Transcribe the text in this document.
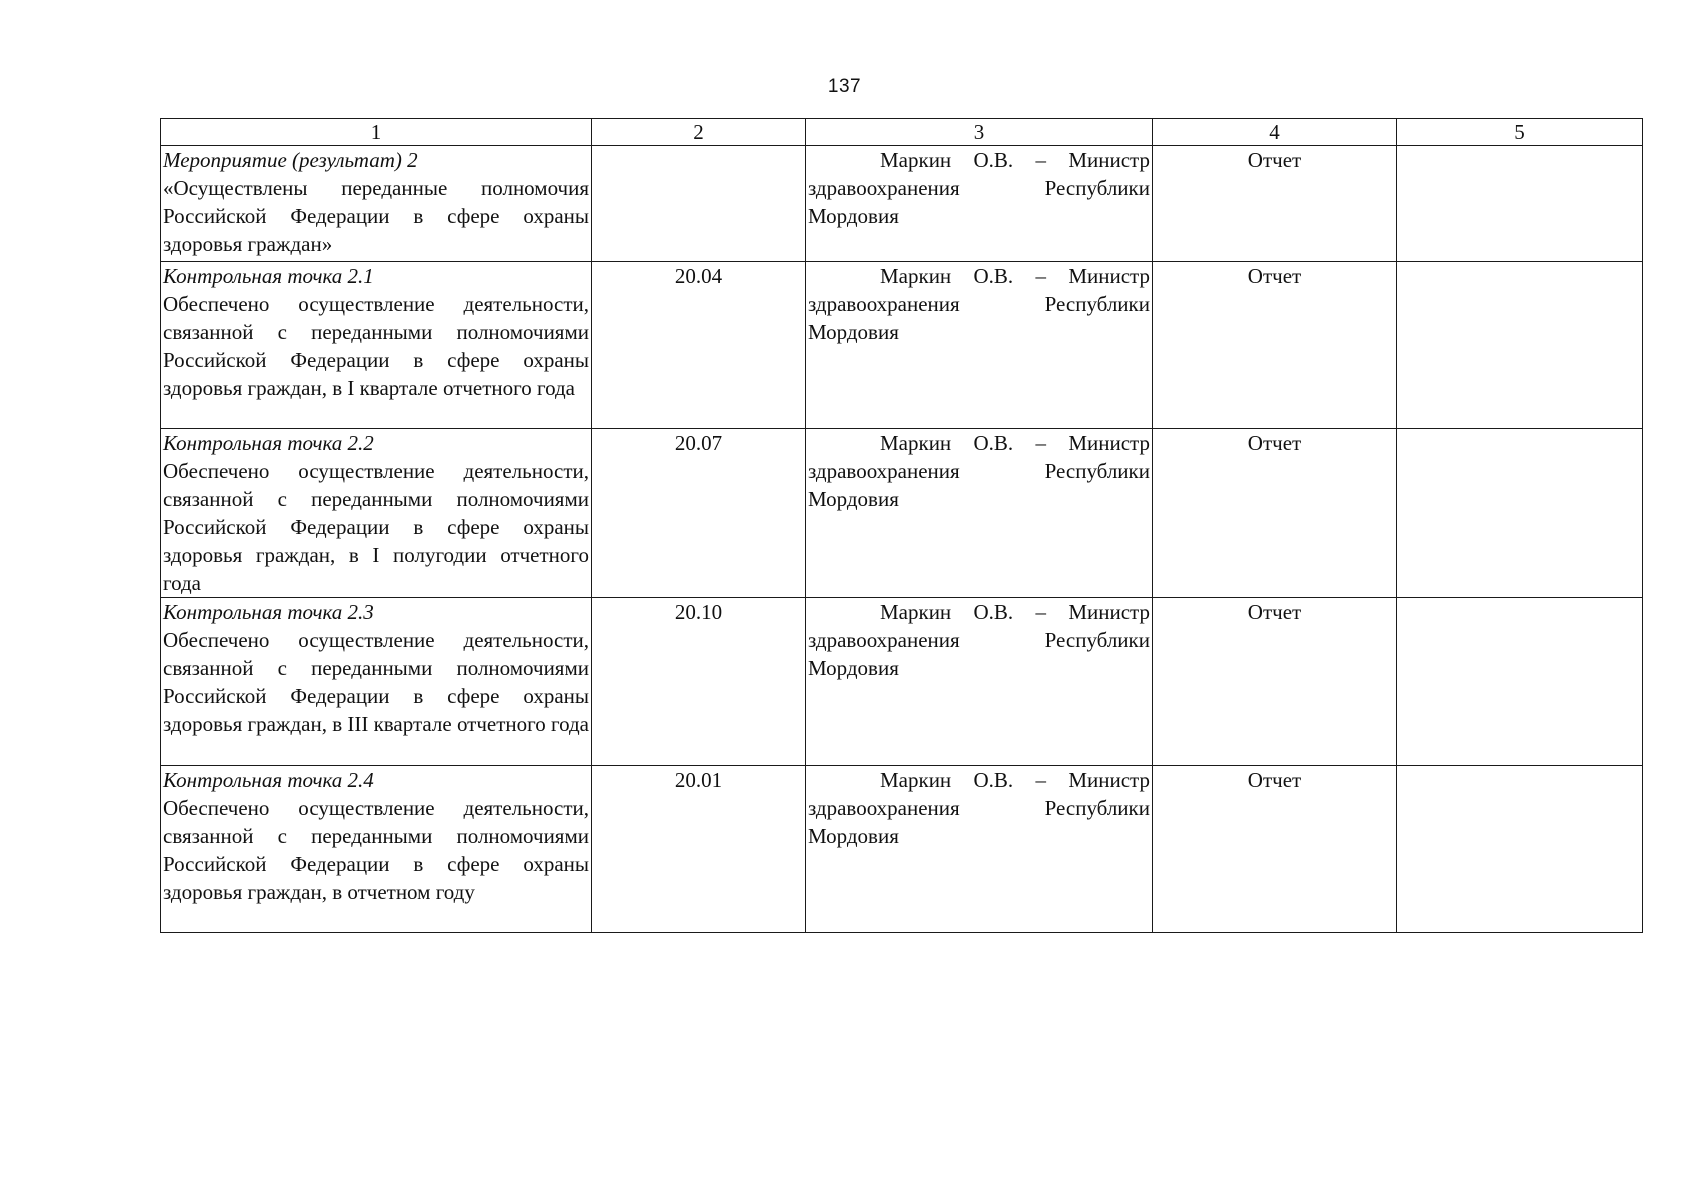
137
1	2	3	4	5

Мероприятие (результат) 2
«Осуществлены переданные полномочия Российской Федерации в сфере охраны здоровья граждан»		Маркин О.В. – Министр здравоохранения Республики Мордовия	Отчет	

Контрольная точка 2.1
Обеспечено осуществление деятельности, связанной с переданными полномочиями Российской Федерации в сфере охраны здоровья граждан, в I квартале отчетного года	20.04	Маркин О.В. – Министр здравоохранения Республики Мордовия	Отчет	

Контрольная точка 2.2
Обеспечено осуществление деятельности, связанной с переданными полномочиями Российской Федерации в сфере охраны здоровья граждан, в I полугодии отчетного года	20.07	Маркин О.В. – Министр здравоохранения Республики Мордовия	Отчет	

Контрольная точка 2.3
Обеспечено осуществление деятельности, связанной с переданными полномочиями Российской Федерации в сфере охраны здоровья граждан, в III квартале отчетного года	20.10	Маркин О.В. – Министр здравоохранения Республики Мордовия	Отчет	

Контрольная точка 2.4
Обеспечено осуществление деятельности, связанной с переданными полномочиями Российской Федерации в сфере охраны здоровья граждан, в отчетном году	20.01	Маркин О.В. – Министр здравоохранения Республики Мордовия	Отчет	
